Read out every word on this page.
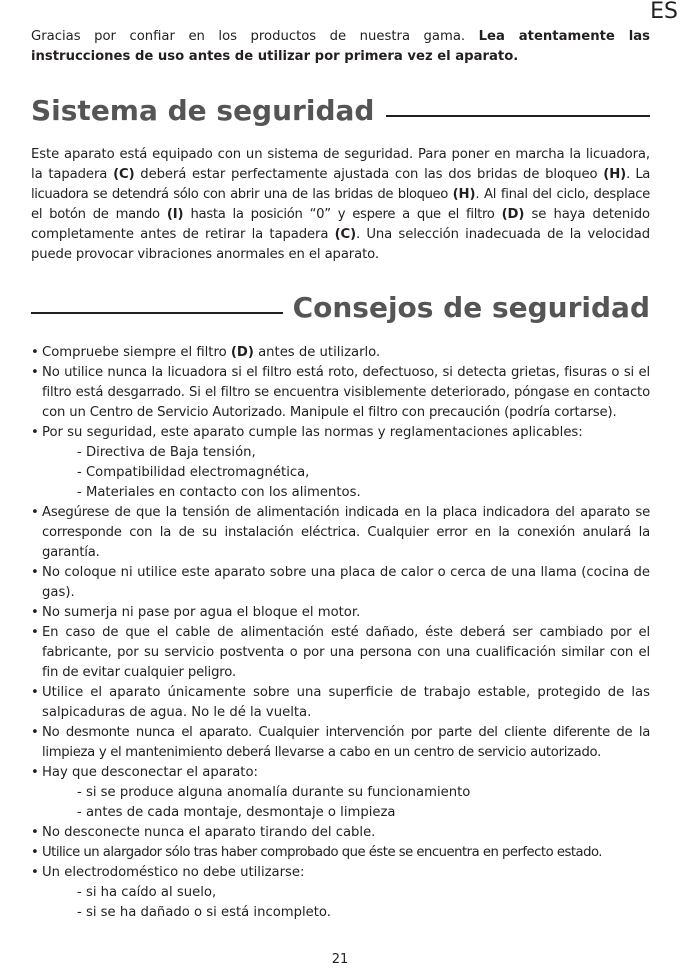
ES

Gracias por confiar en los productos de nuestra gama. Lea atentamente las instrucciones de uso antes de utilizar por primera vez el aparato.

Sistema de seguridad

Este aparato está equipado con un sistema de seguridad. Para poner en marcha la licuadora, la tapadera (C) deberá estar perfectamente ajustada con las dos bridas de bloqueo (H). La licuadora se detendrá sólo con abrir una de las bridas de bloqueo (H). Al final del ciclo, desplace el botón de mando (I) hasta la posición “0” y espere a que el filtro (D) se haya detenido completamente antes de retirar la tapadera (C). Una selección inadecuada de la velocidad puede provocar vibraciones anormales en el aparato.

Consejos de seguridad
• Compruebe siempre el filtro (D) antes de utilizarlo.
• No utilice nunca la licuadora si el filtro está roto, defectuoso, si detecta grietas, fisuras o si el filtro está desgarrado. Si el filtro se encuentra visiblemente deteriorado, póngase en contacto con un Centro de Servicio Autorizado. Manipule el filtro con precaución (podría cortarse).
• Por su seguridad, este aparato cumple las normas y reglamentaciones aplicables:
- Directiva de Baja tensión,
- Compatibilidad electromagnética,
- Materiales en contacto con los alimentos.
• Asegúrese de que la tensión de alimentación indicada en la placa indicadora del aparato se corresponde con la de su instalación eléctrica. Cualquier error en la conexión anulará la garantía.
• No coloque ni utilice este aparato sobre una placa de calor o cerca de una llama (cocina de gas).
• No sumerja ni pase por agua el bloque el motor.
• En caso de que el cable de alimentación esté dañado, éste deberá ser cambiado por el fabricante, por su servicio postventa o por una persona con una cualificación similar con el fin de evitar cualquier peligro.
• Utilice el aparato únicamente sobre una superficie de trabajo estable, protegido de las salpicaduras de agua. No le dé la vuelta.
• No desmonte nunca el aparato. Cualquier intervención por parte del cliente diferente de la limpieza y el mantenimiento deberá llevarse a cabo en un centro de servicio autorizado.
• Hay que desconectar el aparato:
- si se produce alguna anomalía durante su funcionamiento
- antes de cada montaje, desmontaje o limpieza
• No desconecte nunca el aparato tirando del cable.
• Utilice un alargador sólo tras haber comprobado que éste se encuentra en perfecto estado.
• Un electrodoméstico no debe utilizarse:
- si ha caído al suelo,
- si se ha dañado o si está incompleto.
21
